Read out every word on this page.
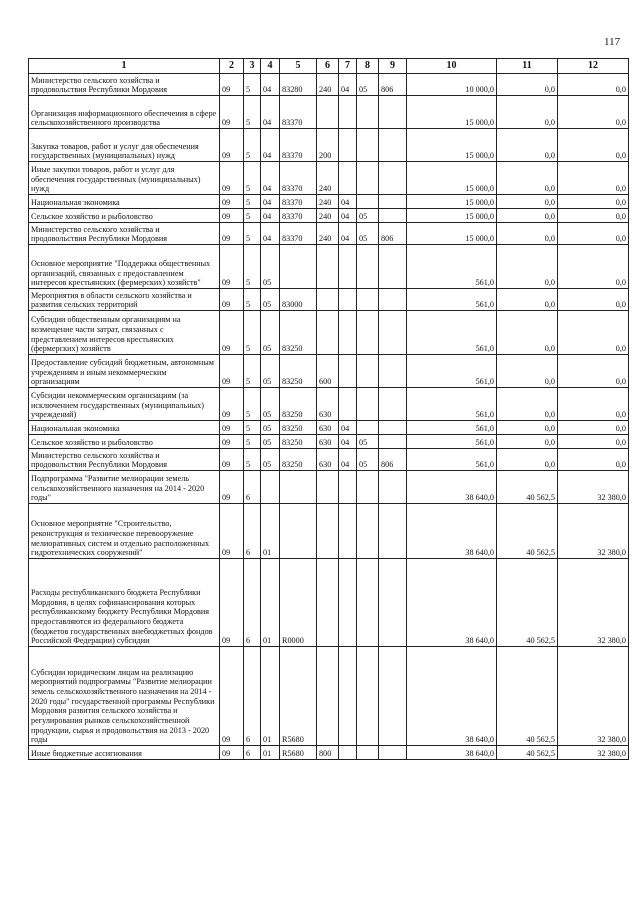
117
1	2	3	4	5	6	7	8	9	10	11	12
Министерство сельского хозяйства и продовольствия Республики Мордовия	09	5	04	83280	240	04	05	806	10 000,0	0,0	0,0
Организация информационного обеспечения в сфере сельскохозяйственного производства	09	5	04	83370					15 000,0	0,0	0,0
Закупка товаров, работ и услуг для обеспечения государственных (муниципальных) нужд	09	5	04	83370	200				15 000,0	0,0	0,0
Иные закупки товаров, работ и услуг для обеспечения государственных (муниципальных) нужд	09	5	04	83370	240				15 000,0	0,0	0,0
Национальная экономика	09	5	04	83370	240	04			15 000,0	0,0	0,0
Сельское хозяйство и рыболовство	09	5	04	83370	240	04	05		15 000,0	0,0	0,0
Министерство сельского хозяйства и продовольствия Республики Мордовия	09	5	04	83370	240	04	05	806	15 000,0	0,0	0,0
Основное мероприятие "Поддержка общественных организаций, связанных с предоставлением интересов крестьянских (фермерских) хозяйств"	09	5	05						561,0	0,0	0,0
Мероприятия в области сельского хозяйства и развития сельских территорий	09	5	05	83000					561,0	0,0	0,0
Субсидии общественным организациям на возмещение части затрат, связанных с представлением интересов крестьянских (фермерских) хозяйств	09	5	05	83250					561,0	0,0	0,0
Предоставление субсидий бюджетным, автономным учреждениям и иным некоммерческим организациям	09	5	05	83250	600				561,0	0,0	0,0
Субсидии некоммерческим организациям (за исключением государственных (муниципальных) учреждений)	09	5	05	83250	630				561,0	0,0	0,0
Национальная экономика	09	5	05	83250	630	04			561,0	0,0	0,0
Сельское хозяйство и рыболовство	09	5	05	83250	630	04	05		561,0	0,0	0,0
Министерство сельского хозяйства и продовольствия Республики Мордовия	09	5	05	83250	630	04	05	806	561,0	0,0	0,0
Подпрограмма "Развитие мелиорации земель сельскохозяйственного назначения на 2014 - 2020 годы"	09	6							38 640,0	40 562,5	32 380,0
Основное мероприятие "Строительство, реконструкция и техническое перевооружение мелиоративных систем и отдельно расположенных гидротехнических сооружений"	09	6	01						38 640,0	40 562,5	32 380,0
Расходы республиканского бюджета Республики Мордовия, в целях софинансирования которых республиканскому бюджету Республики Мордовия предоставляются из федерального бюджета (бюджетов государственных внебюджетных фондов Российской Федерации) субсидии	09	6	01	R0000					38 640,0	40 562,5	32 380,0
Субсидии юридическим лицам на реализацию мероприятий подпрограммы "Развитие мелиорации земель сельскохозяйственного назначения на 2014 - 2020 годы" государственной программы Республики Мордовия развития сельского хозяйства и регулирования рынков сельскохозяйственной продукции, сырья и продовольствия на 2013 - 2020 годы	09	6	01	R5680					38 640,0	40 562,5	32 380,0
Иные бюджетные ассигнования	09	6	01	R5680	800				38 640,0	40 562,5	32 380,0
